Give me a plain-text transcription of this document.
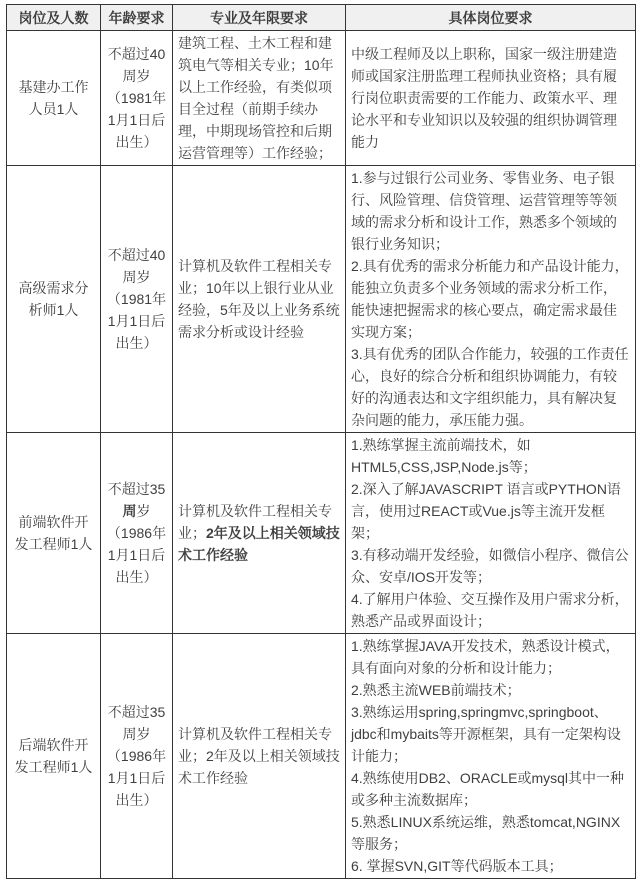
岗位及人数	年龄要求	专业及年限要求	具体岗位要求
基建办工作人员1人	不超过40周岁（1981年1月1日后出生）	建筑工程、土木工程和建筑电气等相关专业；10年以上工作经验，有类似项目全过程（前期手续办理，中期现场管控和后期运营管理等）工作经验；	中级工程师及以上职称，国家一级注册建造师或国家注册监理工程师执业资格；具有履行岗位职责需要的工作能力、政策水平、理论水平和专业知识以及较强的组织协调管理能力

高级需求分析师1人	不超过40周岁（1981年1月1日后出生）	计算机及软件工程相关专业；10年以上银行业从业经验，5年及以上业务系统需求分析或设计经验	1.参与过银行公司业务、零售业务、电子银行、风险管理、信贷管理、运营管理等等领域的需求分析和设计工作，熟悉多个领域的银行业务知识；
2.具有优秀的需求分析能力和产品设计能力，能独立负责多个业务领域的需求分析工作，能快速把握需求的核心要点，确定需求最佳实现方案；
3.具有优秀的团队合作能力，较强的工作责任心，良好的综合分析和组织协调能力，有较好的沟通表达和文字组织能力，具有解决复杂问题的能力，承压能力强。

前端软件开发工程师1人	不超过35周岁（1986年1月1日后出生）	计算机及软件工程相关专业；2年及以上相关领域技术工作经验	1.熟练掌握主流前端技术，如HTML5,CSS,JSP,Node.js等；
2.深入了解JAVASCRIPT 语言或PYTHON语言，使用过REACT或Vue.js等主流开发框架；
3.有移动端开发经验，如微信小程序、微信公众、安卓/IOS开发等；
4.了解用户体验、交互操作及用户需求分析，熟悉产品或界面设计；

后端软件开发工程师1人	不超过35周岁（1986年1月1日后出生）	计算机及软件工程相关专业；2年及以上相关领域技术工作经验	
1.熟练掌握JAVA开发技术，熟悉设计模式，具有面向对象的分析和设计能力；
2.熟悉主流WEB前端技术；
3.熟练运用spring,springmvc,springboot、jdbc和mybaits等开源框架，具有一定架构设计能力；
4.熟练使用DB2、ORACLE或mysql其中一种或多种主流数据库；
5.熟悉LINUX系统运维，熟悉tomcat,NGINX等服务；
6. 掌握SVN,GIT等代码版本工具；
